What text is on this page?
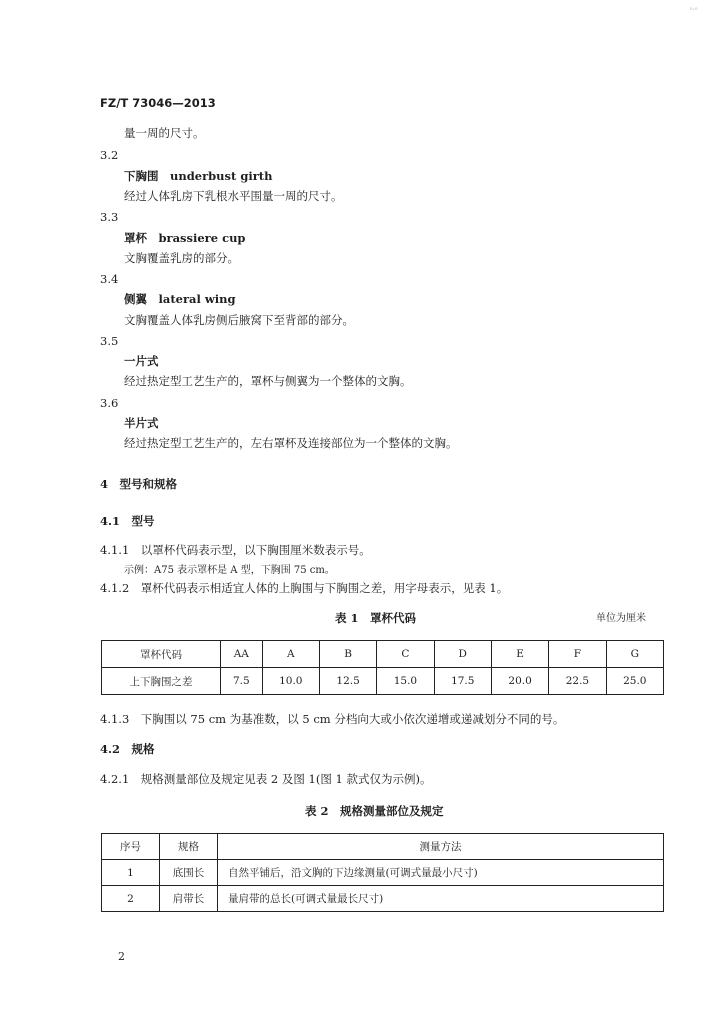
ᵒ·ᵒ
FZ/T 73046—2013
量一周的尺寸。
3.2
下胸围　underbust girth
经过人体乳房下乳根水平围量一周的尺寸。
3.3
罩杯　brassiere cup
文胸覆盖乳房的部分。
3.4
侧翼　lateral wing
文胸覆盖人体乳房侧后腋窝下至背部的部分。
3.5
一片式
经过热定型工艺生产的，罩杯与侧翼为一个整体的文胸。
3.6
半片式
经过热定型工艺生产的，左右罩杯及连接部位为一个整体的文胸。
4　型号和规格
4.1　型号
4.1.1　以罩杯代码表示型，以下胸围厘米数表示号。
示例：A75 表示罩杯是 A 型，下胸围 75 cm。
4.1.2　罩杯代码表示相适宜人体的上胸围与下胸围之差，用字母表示，见表 1。
表 1　罩杯代码	单位为厘米
罩杯代码	AA	A	B	C	D	E	F	G
上下胸围之差	7.5	10.0	12.5	15.0	17.5	20.0	22.5	25.0
4.1.3　下胸围以 75 cm 为基准数，以 5 cm 分档向大或小依次递增或递减划分不同的号。
4.2　规格
4.2.1　规格测量部位及规定见表 2 及图 1(图 1 款式仅为示例)。
表 2　规格测量部位及规定
序号	规格	测量方法
1	底围长	自然平铺后，沿文胸的下边缘测量(可调式量最小尺寸)
2	肩带长	量肩带的总长(可调式量最长尺寸)
2
